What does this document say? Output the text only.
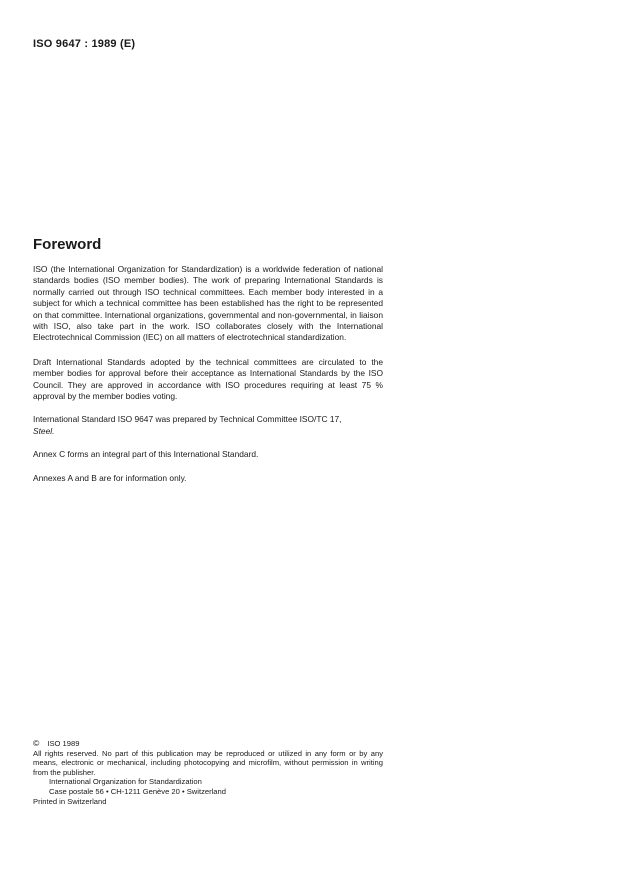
ISO 9647 : 1989 (E)
Foreword

ISO (the International Organization for Standardization) is a worldwide federation of national standards bodies (ISO member bodies). The work of preparing International Standards is normally carried out through ISO technical committees. Each member body interested in a subject for which a technical committee has been established has the right to be represented on that committee. International organizations, governmental and non-governmental, in liaison with ISO, also take part in the work. ISO collaborates closely with the International Electrotechnical Commission (IEC) on all matters of electrotechnical standardization.

Draft International Standards adopted by the technical committees are circulated to the member bodies for approval before their acceptance as International Standards by the ISO Council. They are approved in accordance with ISO procedures requiring at least 75 % approval by the member bodies voting.

International Standard ISO 9647 was prepared by Technical Committee ISO/TC 17,
Steel.

Annex C forms an integral part of this International Standard.

Annexes A and B are for information only.

© ISO 1989
All rights reserved. No part of this publication may be reproduced or utilized in any form or by any means, electronic or mechanical, including photocopying and microfilm, without permission in writing from the publisher.
International Organization for Standardization
Case postale 56 • CH-1211 Genève 20 • Switzerland
Printed in Switzerland
